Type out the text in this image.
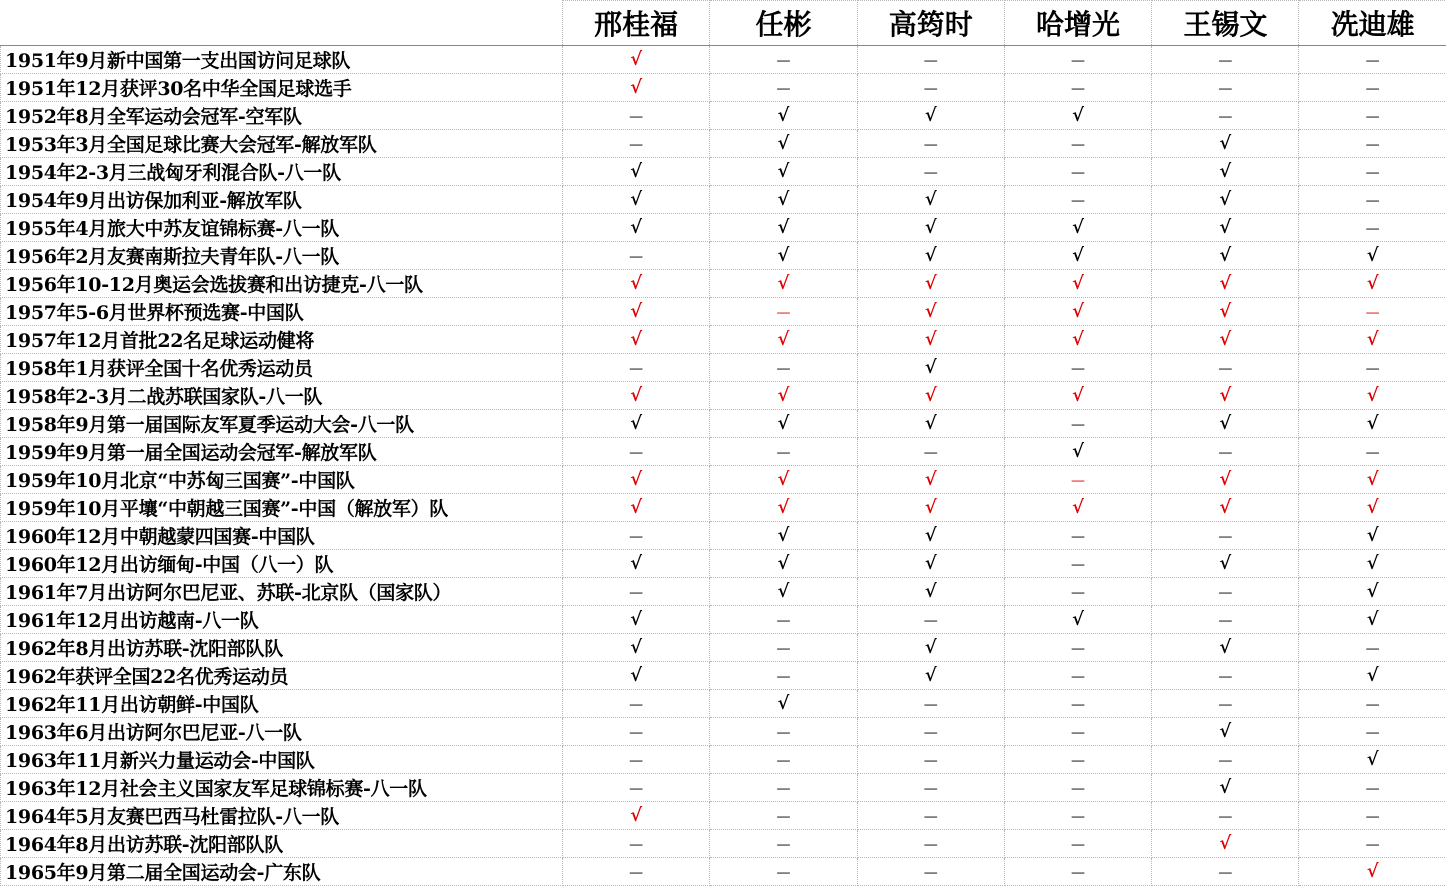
	邢桂福	任彬	高筠时	哈增光	王锡文	冼迪雄
1951年9月新中国第一支出国访问足球队	√	—	—	—	—	—
1951年12月获评30名中华全国足球选手	√	—	—	—	—	—
1952年8月全军运动会冠军-空军队	—	√	√	√	—	—
1953年3月全国足球比赛大会冠军-解放军队	—	√	—	—	√	—
1954年2-3月三战匈牙利混合队-八一队	√	√	—	—	√	—
1954年9月出访保加利亚-解放军队	√	√	√	—	√	—
1955年4月旅大中苏友谊锦标赛-八一队	√	√	√	√	√	—
1956年2月友赛南斯拉夫青年队-八一队	—	√	√	√	√	√
1956年10-12月奥运会选拔赛和出访捷克-八一队	√	√	√	√	√	√
1957年5-6月世界杯预选赛-中国队	√	—	√	√	√	—
1957年12月首批22名足球运动健将	√	√	√	√	√	√
1958年1月获评全国十名优秀运动员	—	—	√	—	—	—
1958年2-3月二战苏联国家队-八一队	√	√	√	√	√	√
1958年9月第一届国际友军夏季运动大会-八一队	√	√	√	—	√	√
1959年9月第一届全国运动会冠军-解放军队	—	—	—	√	—	—
1959年10月北京“中苏匈三国赛”-中国队	√	√	√	—	√	√
1959年10月平壤“中朝越三国赛”-中国（解放军）队	√	√	√	√	√	√
1960年12月中朝越蒙四国赛-中国队	—	√	√	—	—	√
1960年12月出访缅甸-中国（八一）队	√	√	√	—	√	√
1961年7月出访阿尔巴尼亚、苏联-北京队（国家队）	—	√	√	—	—	√
1961年12月出访越南-八一队	√	—	—	√	—	√
1962年8月出访苏联-沈阳部队队	√	—	√	—	√	—
1962年获评全国22名优秀运动员	√	—	√	—	—	√
1962年11月出访朝鲜-中国队	—	√	—	—	—	—
1963年6月出访阿尔巴尼亚-八一队	—	—	—	—	√	—
1963年11月新兴力量运动会-中国队	—	—	—	—	—	√
1963年12月社会主义国家友军足球锦标赛-八一队	—	—	—	—	√	—
1964年5月友赛巴西马杜雷拉队-八一队	√	—	—	—	—	—
1964年8月出访苏联-沈阳部队队	—	—	—	—	√	—
1965年9月第二届全国运动会-广东队	—	—	—	—	—	√
